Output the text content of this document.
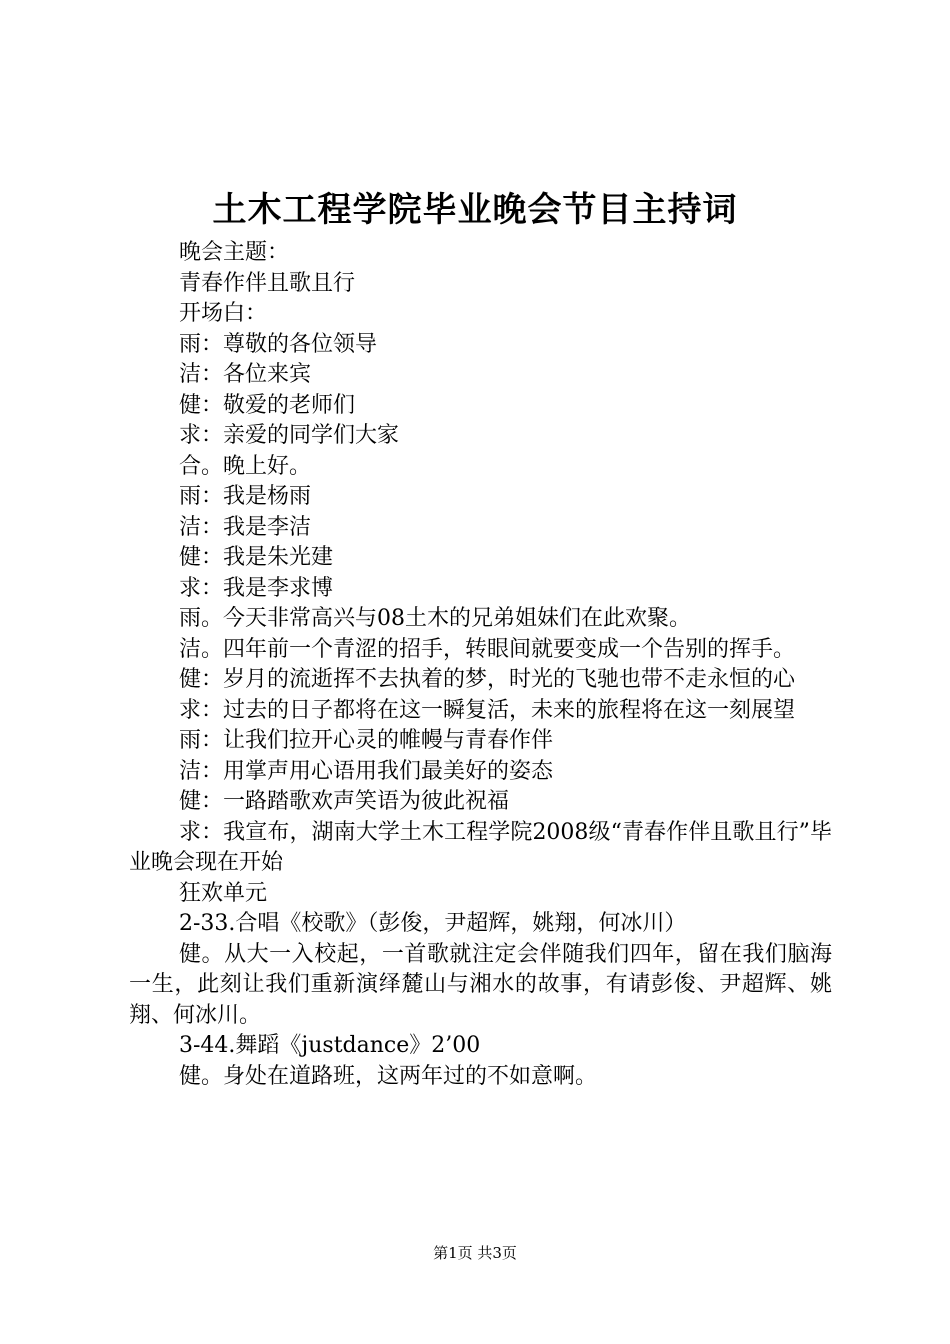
土木工程学院毕业晚会节目主持词

晚会主题：

青春作伴且歌且行

开场白：

雨：尊敬的各位领导

洁：各位来宾

健：敬爱的老师们

求：亲爱的同学们大家

合。晚上好。

雨：我是杨雨

洁：我是李洁

健：我是朱光建

求：我是李求博

雨。今天非常高兴与08土木的兄弟姐妹们在此欢聚。

洁。四年前一个青涩的招手，转眼间就要变成一个告别的挥手。

健：岁月的流逝挥不去执着的梦，时光的飞驰也带不走永恒的心

求：过去的日子都将在这一瞬复活，未来的旅程将在这一刻展望

雨：让我们拉开心灵的帷幔与青春作伴

洁：用掌声用心语用我们最美好的姿态

健：一路踏歌欢声笑语为彼此祝福

求：我宣布，湖南大学土木工程学院2008级“青春作伴且歌且行”毕业晚会现在开始

狂欢单元

2-33.合唱《校歌》（彭俊，尹超辉，姚翔，何冰川）

健。从大一入校起，一首歌就注定会伴随我们四年，留在我们脑海一生，此刻让我们重新演绎麓山与湘水的故事，有请彭俊、尹超辉、姚翔、何冰川。

3-44.舞蹈《justdance》2’00

健。身处在道路班，这两年过的不如意啊。

第1页 共3页
